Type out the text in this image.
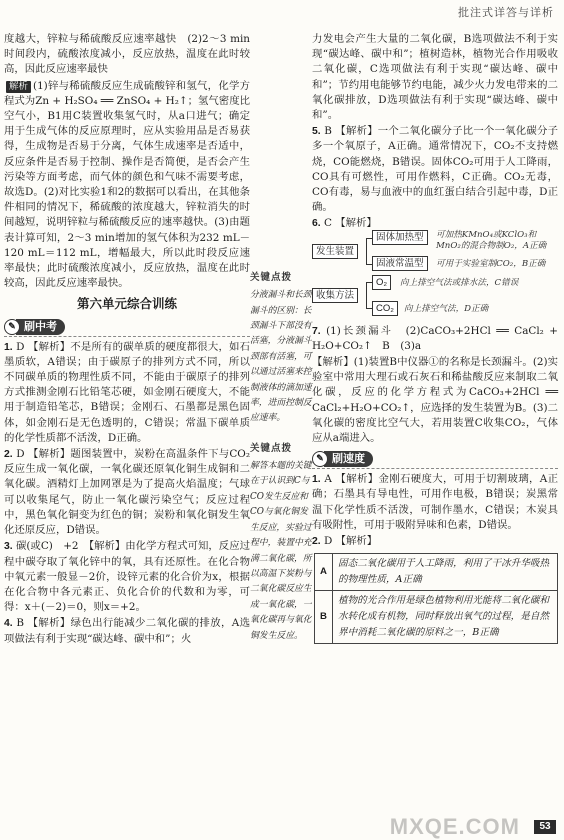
批注式详答与详析

度越大，锌粒与稀硫酸反应速率越快　(2)2～3 min时间段内，硫酸浓度减小，反应放热，温度在此时较高，因此反应速率最快

解析 (1)锌与稀硫酸反应生成硫酸锌和氢气，化学方程式为Zn + H₂SO₄ ══ ZnSO₄ + H₂↑；氢气密度比空气小，B1用C装置收集氢气时，从a口进气；确定用于生成气体的反应原理时，应从实验用品是否易获得，生成物是否易于分离，气体生成速率是否适中，反应条件是否易于控制、操作是否简便，是否会产生污染等方面考虑，而气体的颜色和气味不需要考虑，故选D。(2)对比实验1和2的数据可以看出，在其他条件相同的情况下，稀硫酸的浓度越大，锌粒消失的时间越短，说明锌粒与稀硫酸反应的速率越快。(3)由题表计算可知，2～3 min增加的氢气体积为232 mL－120 mL＝112 mL，增幅最大，所以此时段反应速率最快；此时硫酸浓度减小，反应放热，温度在此时较高，因此反应速率最快。

第六单元综合训练
✎ 刷中考

1. D 【解析】不是所有的碳单质的硬度都很大，如石墨质软，A错误；由于碳原子的排列方式不同，所以不同碳单质的物理性质不同，不能由于碳原子的排列方式推测金刚石比铅笔芯硬，如金刚石硬度大，不能用于制造铅笔芯，B错误；金刚石、石墨都是黑色固体，如金刚石是无色透明的，C错误；常温下碳单质的化学性质都不活泼，D正确。

2. D 【解析】题图装置中，炭粉在高温条件下与CO₂反应生成一氧化碳，一氧化碳还原氧化铜生成铜和二氧化碳。酒精灯上加网罩是为了提高火焰温度；气球可以收集尾气，防止一氧化碳污染空气；反应过程中，黑色氧化铜变为红色的铜；炭粉和氧化铜发生氧化还原反应，D错误。

3. 碳(或C)　+2　【解析】由化学方程式可知，反应过程中碳夺取了氧化锌中的氧，具有还原性。在化合物中氧元素一般显－2价，设锌元素的化合价为x，根据在化合物中各元素正、负化合价的代数和为零，可得：x＋(－2)＝0，则x＝+2。

4. B 【解析】绿色出行能减少二氧化碳的排放，A选项做法有利于实现“碳达峰、碳中和”；火

关键点拨
分液漏斗和长颈漏斗的区别：长颈漏斗下部没有活塞，分液漏斗颈部有活塞，可以通过活塞来控制液体的滴加速率，进而控制反应速率。
关键点拨
解答本题的关键在于认识到C与CO发生反应和CO与氧化铜发生反应，实验过程中，装置中充满二氧化碳，所以高温下炭粉与二氧化碳反应生成一氧化碳，一氧化碳再与氧化铜发生反应。

力发电会产生大量的二氧化碳，B选项做法不利于实现“碳达峰、碳中和”；植树造林，植物光合作用吸收二氧化碳，C选项做法有利于实现“碳达峰、碳中和”；节约用电能够节约电能，减少火力发电带来的二氧化碳排放，D选项做法有利于实现“碳达峰、碳中和”。

5. B 【解析】一个二氧化碳分子比一个一氧化碳分子多一个氧原子，A正确。通常情况下，CO₂不支持燃烧，CO能燃烧，B错误。固体CO₂可用于人工降雨，CO具有可燃性，可用作燃料，C正确。CO₂无毒，CO有毒，易与血液中的血红蛋白结合引起中毒，D正确。

6. C 【解析】

发生装置
固体加热型	可加热KMnO₄或KClO₃和MnO₂的混合物制O₂，A正确
固液常温型	可用于实验室制CO₂，B正确
收集方法
O₂	向上排空气法或排水法，C错误
CO₂	向上排空气法，D正确

7. (1)长颈漏斗　(2)CaCO₃+2HCl ══ CaCl₂ + H₂O+CO₂↑　B　(3)a

【解析】(1)装置B中仪器①的名称是长颈漏斗。(2)实验室中常用大理石或石灰石和稀盐酸反应来制取二氧化碳，反应的化学方程式为CaCO₃+2HCl ══ CaCl₂+H₂O+CO₂↑，应选择的发生装置为B。(3)二氧化碳的密度比空气大，若用装置C收集CO₂，气体应从a端进入。

✎ 刷速度

1. A 【解析】金刚石硬度大，可用于切割玻璃，A正确；石墨具有导电性，可用作电极，B错误；炭黑常温下化学性质不活泼，可制作墨水，C错误；木炭具有吸附性，可用于吸附异味和色素，D错误。

2. D 【解析】

A
固态二氧化碳用于人工降雨，利用了干冰升华吸热的物理性质，A正确
B
植物的光合作用是绿色植物利用光能将二氧化碳和水转化成有机物，同时释放出氧气的过程，是自然界中消耗二氧化碳的原料之一，B正确
MXQE.COM	53
